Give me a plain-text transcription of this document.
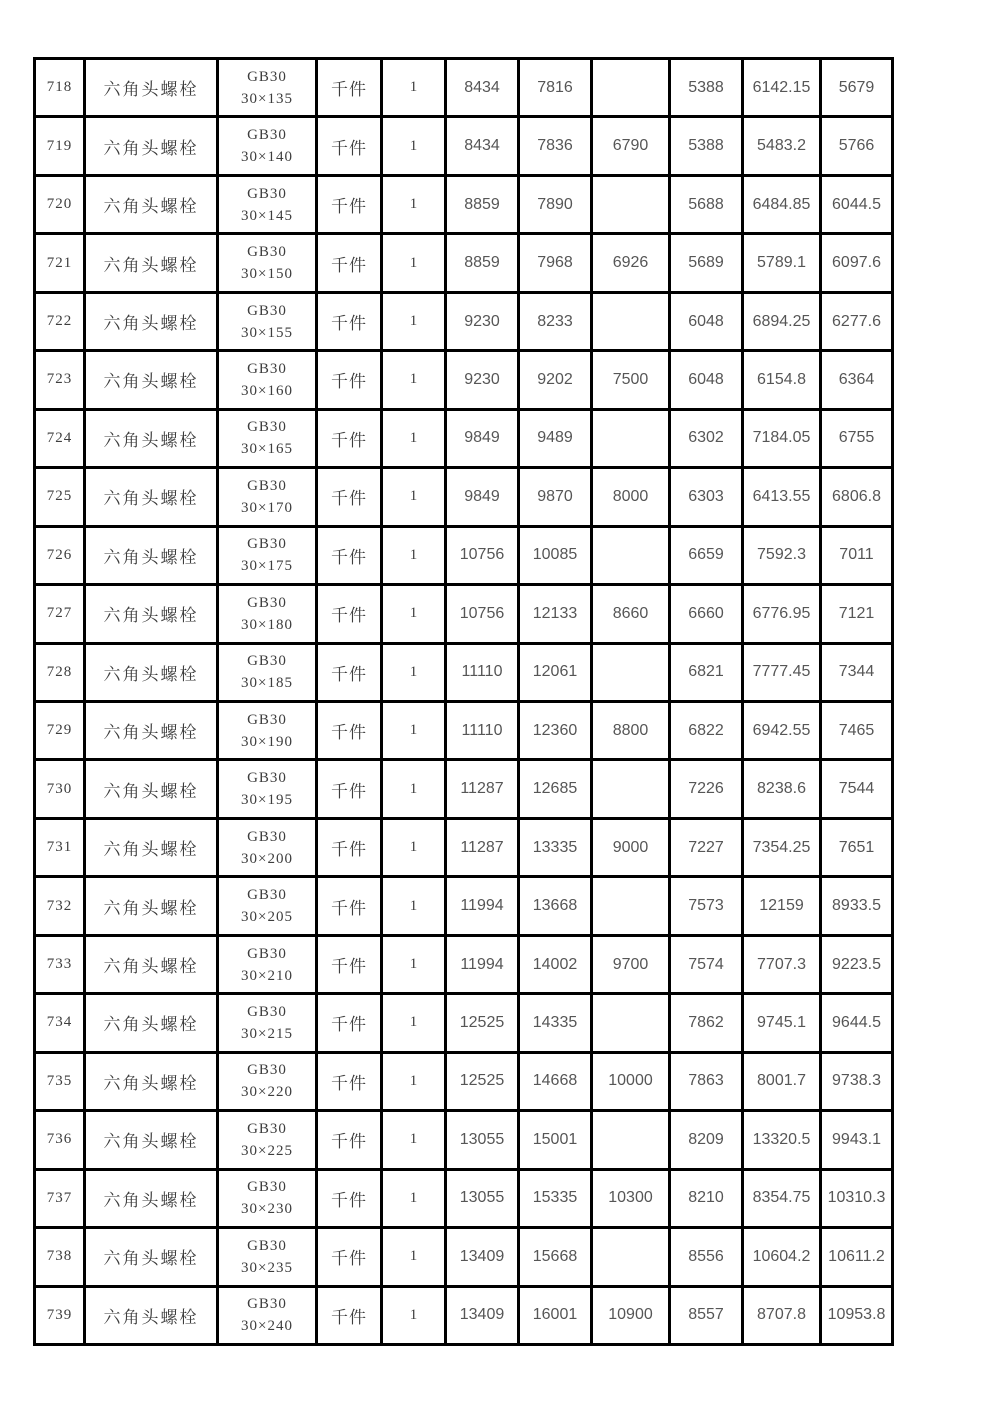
718	六角头螺栓	GB30
30×135	千件	1	8434	7816		5388	6142.15	5679
719	六角头螺栓	GB30
30×140	千件	1	8434	7836	6790	5388	5483.2	5766
720	六角头螺栓	GB30
30×145	千件	1	8859	7890		5688	6484.85	6044.5
721	六角头螺栓	GB30
30×150	千件	1	8859	7968	6926	5689	5789.1	6097.6
722	六角头螺栓	GB30
30×155	千件	1	9230	8233		6048	6894.25	6277.6
723	六角头螺栓	GB30
30×160	千件	1	9230	9202	7500	6048	6154.8	6364
724	六角头螺栓	GB30
30×165	千件	1	9849	9489		6302	7184.05	6755
725	六角头螺栓	GB30
30×170	千件	1	9849	9870	8000	6303	6413.55	6806.8
726	六角头螺栓	GB30
30×175	千件	1	10756	10085		6659	7592.3	7011
727	六角头螺栓	GB30
30×180	千件	1	10756	12133	8660	6660	6776.95	7121
728	六角头螺栓	GB30
30×185	千件	1	11110	12061		6821	7777.45	7344
729	六角头螺栓	GB30
30×190	千件	1	11110	12360	8800	6822	6942.55	7465
730	六角头螺栓	GB30
30×195	千件	1	11287	12685		7226	8238.6	7544
731	六角头螺栓	GB30
30×200	千件	1	11287	13335	9000	7227	7354.25	7651
732	六角头螺栓	GB30
30×205	千件	1	11994	13668		7573	12159	8933.5
733	六角头螺栓	GB30
30×210	千件	1	11994	14002	9700	7574	7707.3	9223.5
734	六角头螺栓	GB30
30×215	千件	1	12525	14335		7862	9745.1	9644.5
735	六角头螺栓	GB30
30×220	千件	1	12525	14668	10000	7863	8001.7	9738.3
736	六角头螺栓	GB30
30×225	千件	1	13055	15001		8209	13320.5	9943.1
737	六角头螺栓	GB30
30×230	千件	1	13055	15335	10300	8210	8354.75	10310.3
738	六角头螺栓	GB30
30×235	千件	1	13409	15668		8556	10604.2	10611.2
739	六角头螺栓	GB30
30×240	千件	1	13409	16001	10900	8557	8707.8	10953.8
